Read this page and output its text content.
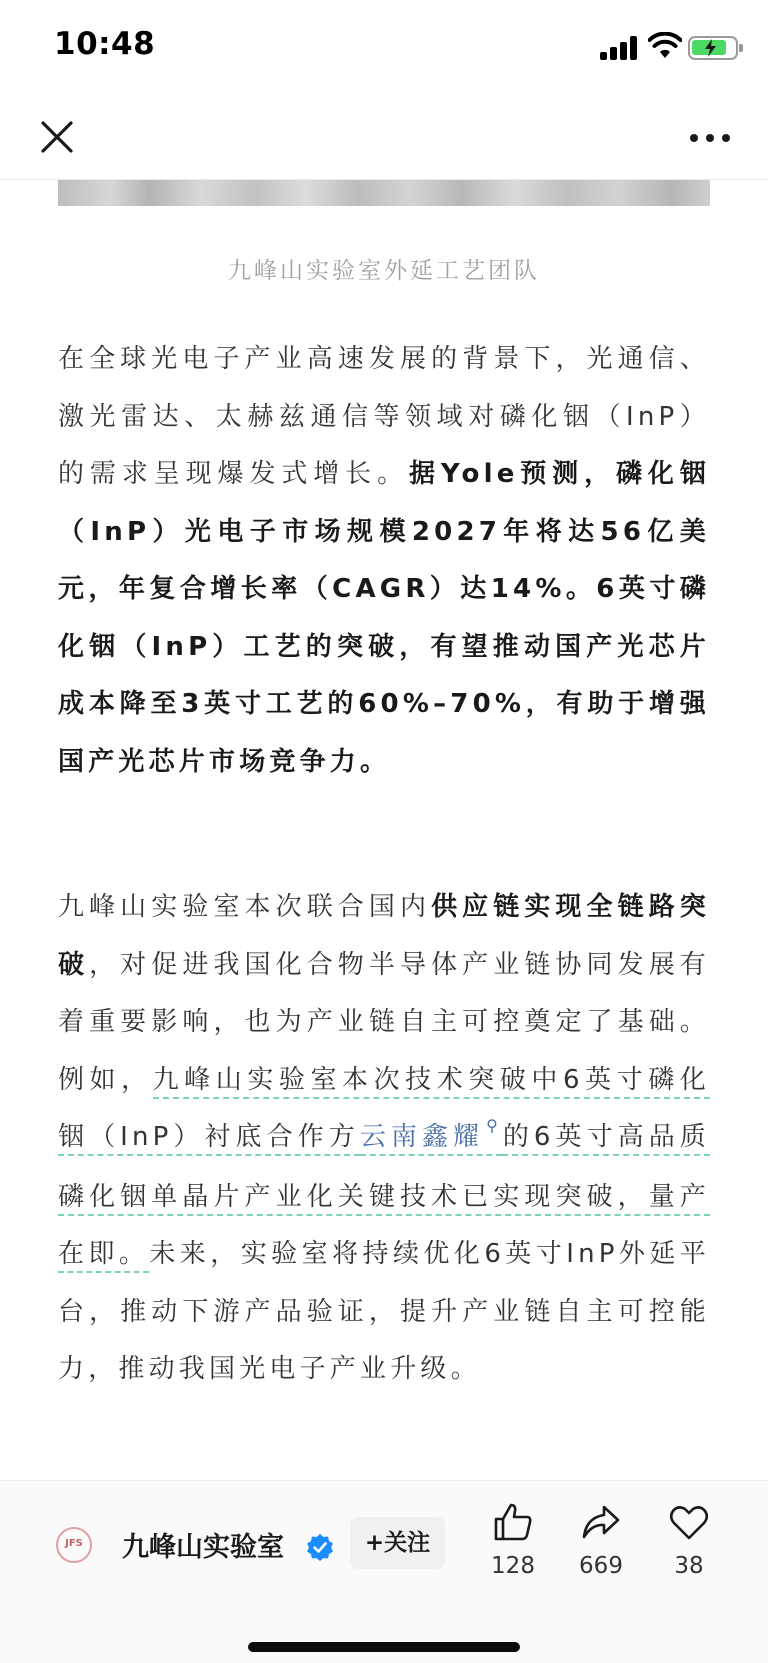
10:48
九峰山实验室外延工艺团队
在全球光电子产业高速发展的背景下，光通信、激光雷达、太赫兹通信等领域对磷化铟（InP）的需求呈现爆发式增长。据Yole预测，磷化铟（InP）光电子市场规模2027年将达56亿美元，年复合增长率（CAGR）达14%。6英寸磷化铟（InP）工艺的突破，有望推动国产光芯片成本降至3英寸工艺的60%–70%，有助于增强国产光芯片市场竞争力。
九峰山实验室本次联合国内供应链实现全链路突破，对促进我国化合物半导体产业链协同发展有着重要影响，也为产业链自主可控奠定了基础。例如，九峰山实验室本次技术突破中6英寸磷化铟（InP）衬底合作方云南鑫耀 ⚲的6英寸高品质磷化铟单晶片产业化关键技术已实现突破，量产在即。未来，实验室将持续优化6英寸InP外延平台，推动下游产品验证，提升产业链自主可控能力，推动我国光电子产业升级。
JFS 九峰山实验室	+关注
128	669	38
